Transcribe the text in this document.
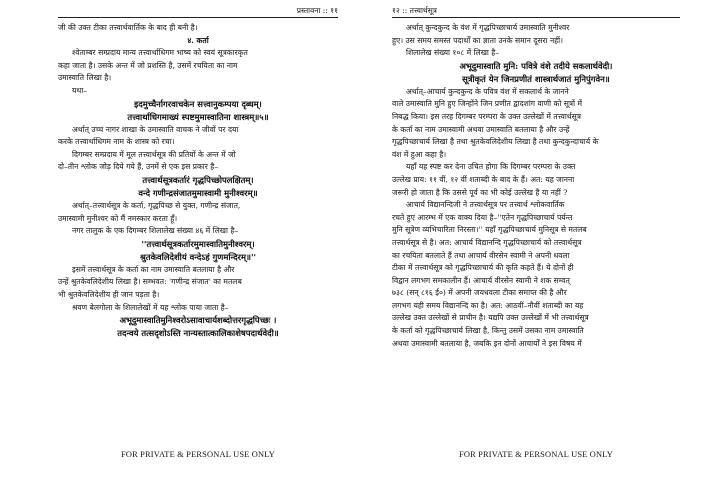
प्रस्तावना :: ११

जी की उक्त टीका तत्त्वार्थवार्तिक के बाद ही बनी है।

४. कर्ता

श्वेताम्बर सम्प्रदाय मान्य तत्त्वार्थाधिगम भाष्य को स्वयं सूत्रकारकृत

कहा जाता है। उसके अन्त में जो प्रशस्ति है, उसमें रचयिता का नाम

उमास्वाति लिखा है।

यथा–

इदमुच्चैर्नागरवाचकेन सत्त्वानुकम्पया दृब्धम्।

तत्त्वार्थाधिगमाख्यं स्पष्टमुमास्वातिना शास्त्रम्॥५॥

अर्थात् उच्च नागर शाखा के उमास्वाति वाचक ने जीवों पर दया

करके तत्त्वार्थाधिगम नाम के शास्त्र को रचा।

दिगम्बर सम्प्रदाय में मूल तत्त्वार्थसूत्र की प्रतियों के अन्त में जो

दो–तीन श्लोक जोड़ दिये गये हैं, उनमें से एक इस प्रकार है–

तत्त्वार्थसूत्रकर्तारं गृद्धपिच्छोपलक्षितम्।

वन्दे गणीन्द्रसंजातमुमास्वामी मुनीश्वरम्॥

अर्थात्–तत्त्वार्थसूत्र के कर्ता, गृद्धपिच्छ से युक्त, गणीन्द्र संजात,

उमास्वामी मुनीश्वर को मैं नमस्कार करता हूँ।

नगर तालुक के एक दिगम्बर शिलालेख संख्या ४६ में लिखा है–

''तत्त्वार्थसूत्रकर्तारमुमास्वातिमुनीश्वरम्।

श्रुतकेवलिदेशीयं वन्देऽहं गुणमन्दिरम्॥''

इसमें तत्त्वार्थसूत्र के कर्ता का नाम उमास्वाति बतलाया है और

उन्हें श्रुतकेवलिदेशीय लिखा है। सम्भवत: 'गणीन्द्र संजात' का मतलब

भी श्रुतकेवलिदेशीय ही जान पड़ता है।

श्रवण बेलगोला के शिलालेखों में यह श्लोक पाया जाता है–

अभूदुमास्वातिमुनिश्वरोऽसावाचार्यशब्दोत्तरगृद्धपिच्छः ।

तदन्वये तत्सदृशोऽस्ति नान्यस्तात्कालिकाशेषपदार्थवेदी॥

FOR PRIVATE & PERSONAL USE ONLY
१२ :: तत्त्वार्थसूत्र

अर्थात् कुन्दकुन्द के वंश में गृद्धपिच्छाचार्य उमास्वाति मुनीश्वर

हुए। उस समय समस्त पदार्थों का ज्ञाता उनके समान दूसरा नहीं।

शिलालेख संख्या १०८ में लिखा है–

अभूदुमास्वाति मुनि: पवित्रे वंशे तदीये सकलार्थवेदी।

सूत्रीकृतं येन जिनप्रणीतं शास्त्रार्थजातं मुनिपुंगवेन॥

अर्थात्–आचार्य कुन्दकुन्द के पवित्र वंश में सकलार्थ के जानने

वाले उमास्वाति मुनि हुए जिन्होंने जिन प्रणीत द्वादशांग वाणी को सूत्रों में

निबद्ध किया। इस तरह दिगम्बर परम्परा के उक्त उल्लेखों में तत्त्वार्थसूत्र

के कर्ता का नाम उमास्वामी अथवा उमास्वाति बतलाया है और उन्हें

गृद्धपिच्छाचार्य लिखा है तथा श्रुतकेवलिदेशीय लिखा है तथा कुन्दकुन्दाचार्य के

वंश में हुआ कहा है।

यहाँ यह स्पष्ट कर देना उचित होगा कि दिगम्बर परम्परा के उक्त

उल्लेख प्राय: ११ वीं, १२ वीं शताब्दी के बाद के हैं। अत: यह जानना

जरूरी हो जाता है कि उससे पूर्व का भी कोई उल्लेख है या नहीं ?

आचार्य विद्यानन्दिजी ने तत्त्वार्थसूत्र पर तत्त्वार्थ श्लोकवार्तिक

रचते हुए आरम्भ में एक वाक्य दिया है–''एतेन गृद्धपिच्छाचार्य पर्यन्त

मुनि सूत्रेण व्यभिचारिता निरस्ता।'' यहाँ गृद्धपिच्छाचार्य मुनिसूत्र से मतलब

तत्त्वार्थसूत्र से है। अत: आचार्य विद्यानन्दि गृद्धपिच्छाचार्य को तत्त्वार्थसूत्र

का रचयिता बतलाते हैं तथा आचार्य वीरसेन स्वामी ने अपनी धवला

टीका में तत्त्वार्थसूत्र को गृद्धपिच्छाचार्य की कृति कहते हैं। ये दोनों ही

विद्वान लगभग समकालीन हैं। आचार्य वीरसेन स्वामी ने शक सम्वत्

७३८ (सन् ८१६ ई०) में अपनी जयधवला टीका समाप्त की है और

लगभग यही समय विद्यानन्दि का है। अत: आठवीं–नौवीं शताब्दी का यह

उल्लेख उक्त उल्लेखों से प्राचीन है। यद्यपि उक्त उल्लेखों में भी तत्त्वार्थसूत्र

के कर्ता को गृद्धपिच्छाचार्य लिखा है, किन्तु उसमें उसका नाम उमास्वाति

अथवा उमास्वामी बतलाया है, जबकि इन दोनों आचार्यों ने इस विषय में

FOR PRIVATE & PERSONAL USE ONLY
